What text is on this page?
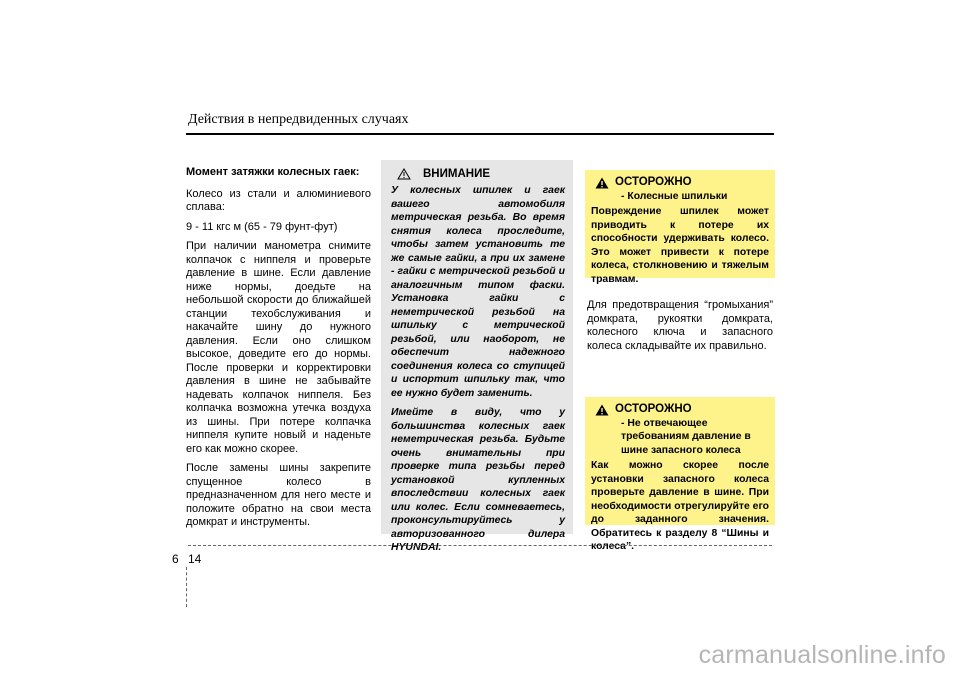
Действия в непредвиденных случаях

Момент затяжки колесных гаек:

Колесо из стали и алюминиевого сплава:

9 - 11 кгс м (65 - 79 фунт-фут)

При наличии манометра снимите колпачок с ниппеля и проверьте давление в шине. Если давление ниже нормы, доедьте на небольшой скорости до ближайшей станции техобслуживания и накачайте шину до нужного давления. Если оно слишком высокое, доведите его до нормы. После проверки и корректировки давления в шине не забывайте надевать колпачок ниппеля. Без колпачка возможна утечка воздуха из шины. При потере колпачка ниппеля купите новый и наденьте его как можно скорее.

После замены шины закрепите спущенное колесо в предназначенном для него месте и положите обратно на свои места домкрат и инструменты.

ВНИМАНИЕ

У колесных шпилек и гаек вашего автомобиля метрическая резьба. Во время снятия колеса проследите, чтобы затем установить те же самые гайки, а при их замене - гайки с метрической резьбой и аналогичным типом фаски. Установка гайки с неметрической резьбой на шпильку с метрической резьбой, или наоборот, не обеспечит надежного соединения колеса со ступицей и испортит шпильку так, что ее нужно будет заменить.

Имейте в виду, что у большинства колесных гаек неметрическая резьба. Будьте очень внимательны при проверке типа резьбы перед установкой купленных впоследствии колесных гаек или колес. Если сомневаетесь, проконсультируйтесь у авторизованного дилера HYUNDAI.

ОСТОРОЖНО
- Колесные шпильки
Повреждение шпилек может приводить к потере их способности удерживать колесо. Это может привести к потере колеса, столкновению и тяжелым травмам.

Для предотвращения “громыхания” домкрата, рукоятки домкрата, колесного ключа и запасного колеса складывайте их правильно.

ОСТОРОЖНО
- Не отвечающее требованиям давление в шине запасного колеса
Как можно скорее после установки запасного колеса проверьте давление в шине. При необходимости отрегулируйте его до заданного значения. Обратитесь к разделу 8 “Шины и колеса”.
6 14
carmanualsonline.info
